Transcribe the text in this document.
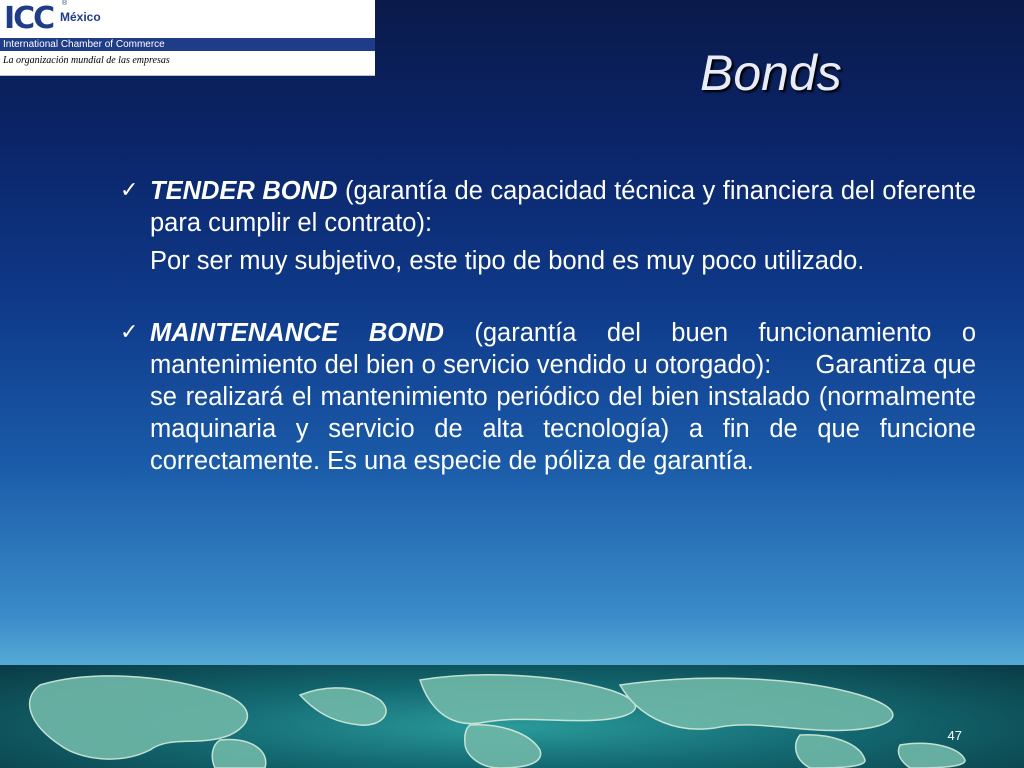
ICC ®
México
International Chamber of Commerce
La organización mundial de las empresas	Bonds
✓ TENDER BOND (garantía de capacidad técnica y financiera del oferente para cumplir el contrato):
Por ser muy subjetivo, este tipo de bond es muy poco utilizado.
✓ MAINTENANCE BOND (garantía del buen funcionamiento o mantenimiento del bien o servicio vendido u otorgado):      Garantiza que se realizará el mantenimiento periódico del bien instalado (normalmente maquinaria y servicio de alta tecnología) a fin de que funcione correctamente. Es una especie de póliza de garantía.
47
